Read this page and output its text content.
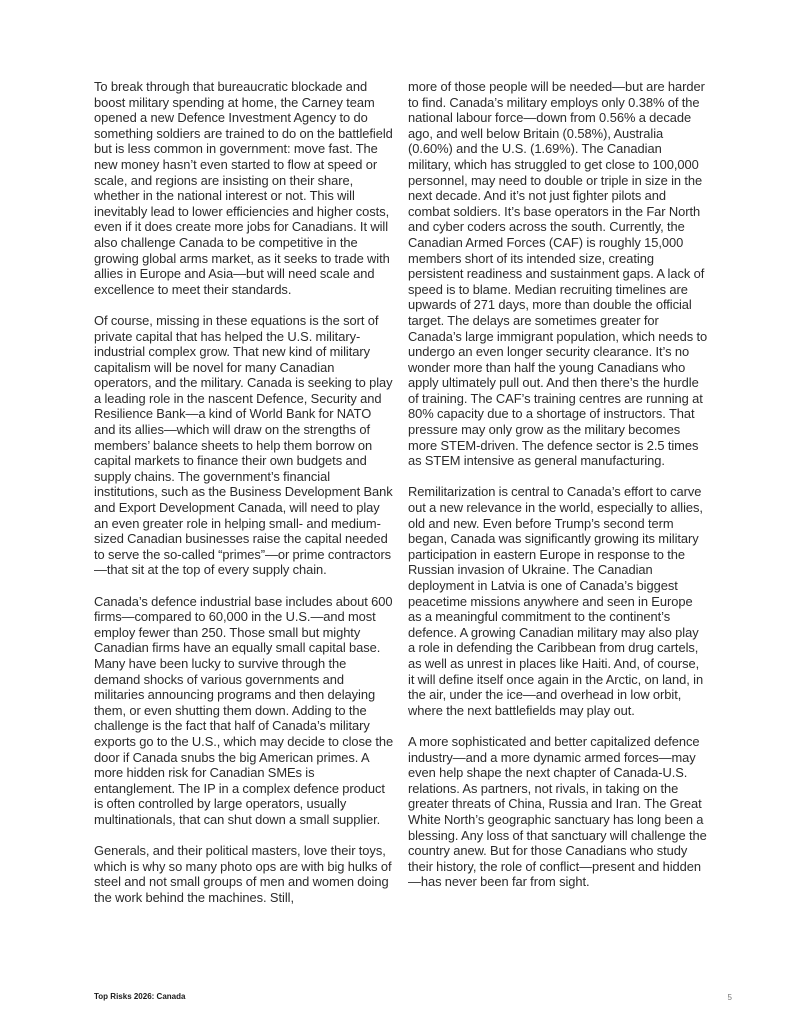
To break through that bureaucratic blockade and boost military spending at home, the Carney team opened a new Defence Investment Agency to do something soldiers are trained to do on the battlefield but is less common in government: move fast. The new money hasn’t even started to flow at speed or scale, and regions are insisting on their share, whether in the national interest or not. This will inevitably lead to lower efficiencies and higher costs, even if it does create more jobs for Canadians. It will also challenge Canada to be competitive in the growing global arms market, as it seeks to trade with allies in Europe and Asia—but will need scale and excellence to meet their standards.

Of course, missing in these equations is the sort of private capital that has helped the U.S. military-industrial complex grow. That new kind of military capitalism will be novel for many Canadian operators, and the military. Canada is seeking to play a leading role in the nascent Defence, Security and Resilience Bank—a kind of World Bank for NATO and its allies—which will draw on the strengths of members’ balance sheets to help them borrow on capital markets to finance their own budgets and supply chains. The government’s financial institutions, such as the Business Development Bank and Export Development Canada, will need to play an even greater role in helping small- and medium-sized Canadian businesses raise the capital needed to serve the so-called “primes”—or prime contractors—that sit at the top of every supply chain.

Canada’s defence industrial base includes about 600 firms—compared to 60,000 in the U.S.—and most employ fewer than 250. Those small but mighty Canadian firms have an equally small capital base. Many have been lucky to survive through the demand shocks of various governments and militaries announcing programs and then delaying them, or even shutting them down. Adding to the challenge is the fact that half of Canada’s military exports go to the U.S., which may decide to close the door if Canada snubs the big American primes. A more hidden risk for Canadian SMEs is entanglement. The IP in a complex defence product is often controlled by large operators, usually multinationals, that can shut down a small supplier.

Generals, and their political masters, love their toys, which is why so many photo ops are with big hulks of steel and not small groups of men and women doing the work behind the machines. Still,

more of those people will be needed—but are harder to find. Canada’s military employs only 0.38% of the national labour force—down from 0.56% a decade ago, and well below Britain (0.58%), Australia (0.60%) and the U.S. (1.69%). The Canadian military, which has struggled to get close to 100,000 personnel, may need to double or triple in size in the next decade. And it’s not just fighter pilots and combat soldiers. It’s base operators in the Far North and cyber coders across the south. Currently, the Canadian Armed Forces (CAF) is roughly 15,000 members short of its intended size, creating persistent readiness and sustainment gaps. A lack of speed is to blame. Median recruiting timelines are upwards of 271 days, more than double the official target. The delays are sometimes greater for Canada’s large immigrant population, which needs to undergo an even longer security clearance. It’s no wonder more than half the young Canadians who apply ultimately pull out. And then there’s the hurdle of training. The CAF’s training centres are running at 80% capacity due to a shortage of instructors. That pressure may only grow as the military becomes more STEM-driven. The defence sector is 2.5 times as STEM intensive as general manufacturing.

Remilitarization is central to Canada’s effort to carve out a new relevance in the world, especially to allies, old and new. Even before Trump’s second term began, Canada was significantly growing its military participation in eastern Europe in response to the Russian invasion of Ukraine. The Canadian deployment in Latvia is one of Canada’s biggest peacetime missions anywhere and seen in Europe as a meaningful commitment to the continent’s defence. A growing Canadian military may also play a role in defending the Caribbean from drug cartels, as well as unrest in places like Haiti. And, of course, it will define itself once again in the Arctic, on land, in the air, under the ice—and overhead in low orbit, where the next battlefields may play out.

A more sophisticated and better capitalized defence industry—and a more dynamic armed forces—may even help shape the next chapter of Canada-U.S. relations. As partners, not rivals, in taking on the greater threats of China, Russia and Iran. The Great White North’s geographic sanctuary has long been a blessing. Any loss of that sanctuary will challenge the country anew. But for those Canadians who study their history, the role of conflict—present and hidden—has never been far from sight.

Top Risks 2026: Canada	5
